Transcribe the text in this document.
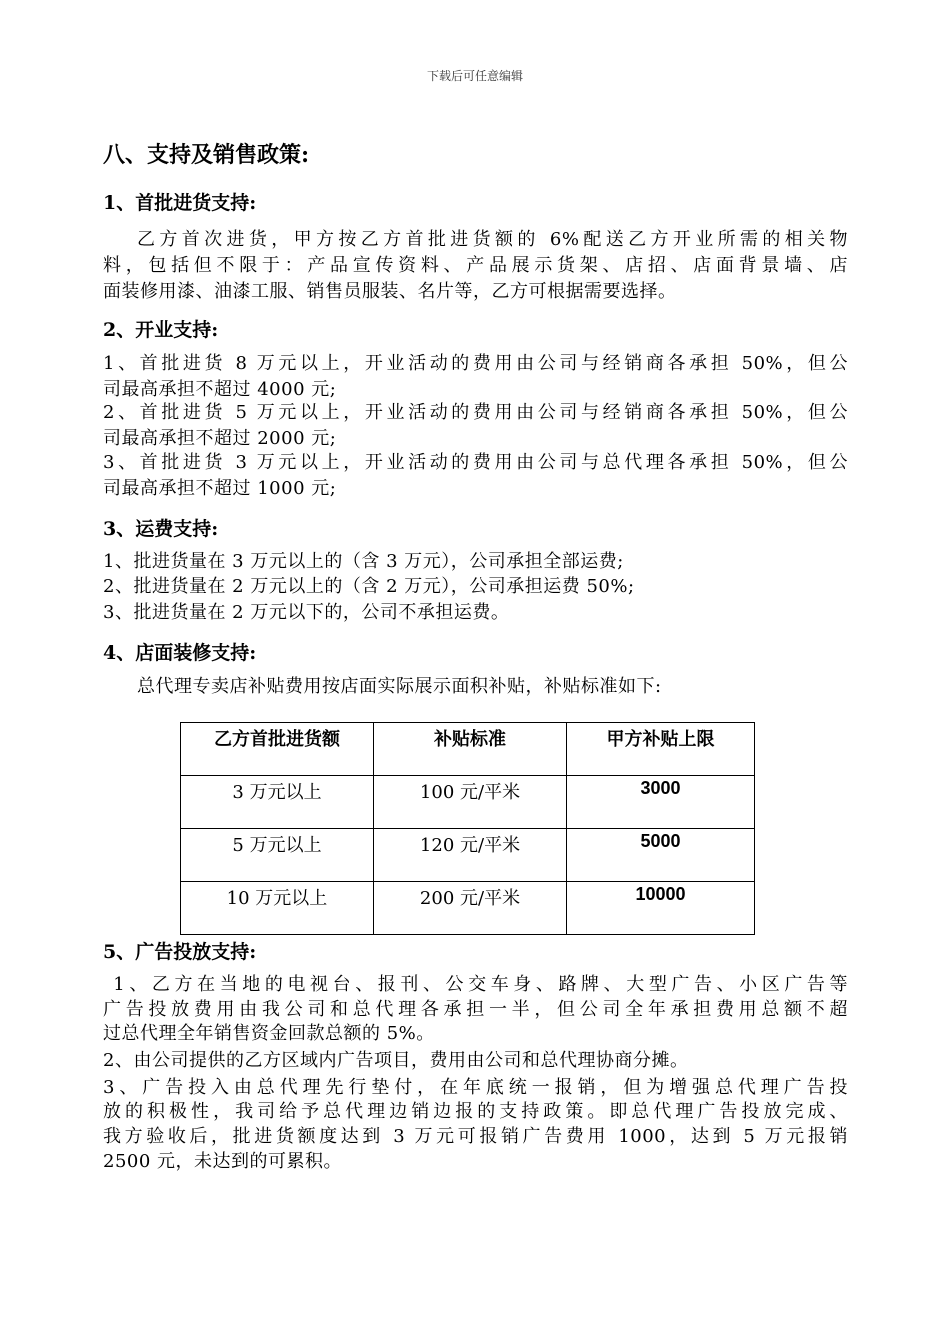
下载后可任意编辑
八、支持及销售政策:
1、首批进货支持:
乙方首次进货，甲方按乙方首批进货额的 6%配送乙方开业所需的相关物
料，包括但不限于：产品宣传资料、产品展示货架、店招、店面背景墙、店
面装修用漆、油漆工服、销售员服装、名片等，乙方可根据需要选择。
2、开业支持:
1、首批进货 8 万元以上，开业活动的费用由公司与经销商各承担 50%，但公
司最高承担不超过 4000 元;
2、首批进货 5 万元以上，开业活动的费用由公司与经销商各承担 50%，但公
司最高承担不超过 2000 元;
3、首批进货 3 万元以上，开业活动的费用由公司与总代理各承担 50%，但公
司最高承担不超过 1000 元;
3、运费支持:
1、批进货量在 3 万元以上的（含 3 万元），公司承担全部运费;
2、批进货量在 2 万元以上的（含 2 万元），公司承担运费 50%;
3、批进货量在 2 万元以下的，公司不承担运费。
4、店面装修支持:
总代理专卖店补贴费用按店面实际展示面积补贴，补贴标准如下:
乙方首批进货额	补贴标准	甲方补贴上限
3 万元以上	100 元/平米	3000
5 万元以上	120 元/平米	5000
10 万元以上	200 元/平米	10000
5、广告投放支持:
1、乙方在当地的电视台、报刊、公交车身、路牌、大型广告、小区广告等
广告投放费用由我公司和总代理各承担一半，但公司全年承担费用总额不超
过总代理全年销售资金回款总额的 5%。
2、由公司提供的乙方区域内广告项目，费用由公司和总代理协商分摊。
3、广告投入由总代理先行垫付，在年底统一报销，但为增强总代理广告投
放的积极性，我司给予总代理边销边报的支持政策。即总代理广告投放完成、
我方验收后，批进货额度达到 3 万元可报销广告费用 1000，达到 5 万元报销
2500 元，未达到的可累积。
